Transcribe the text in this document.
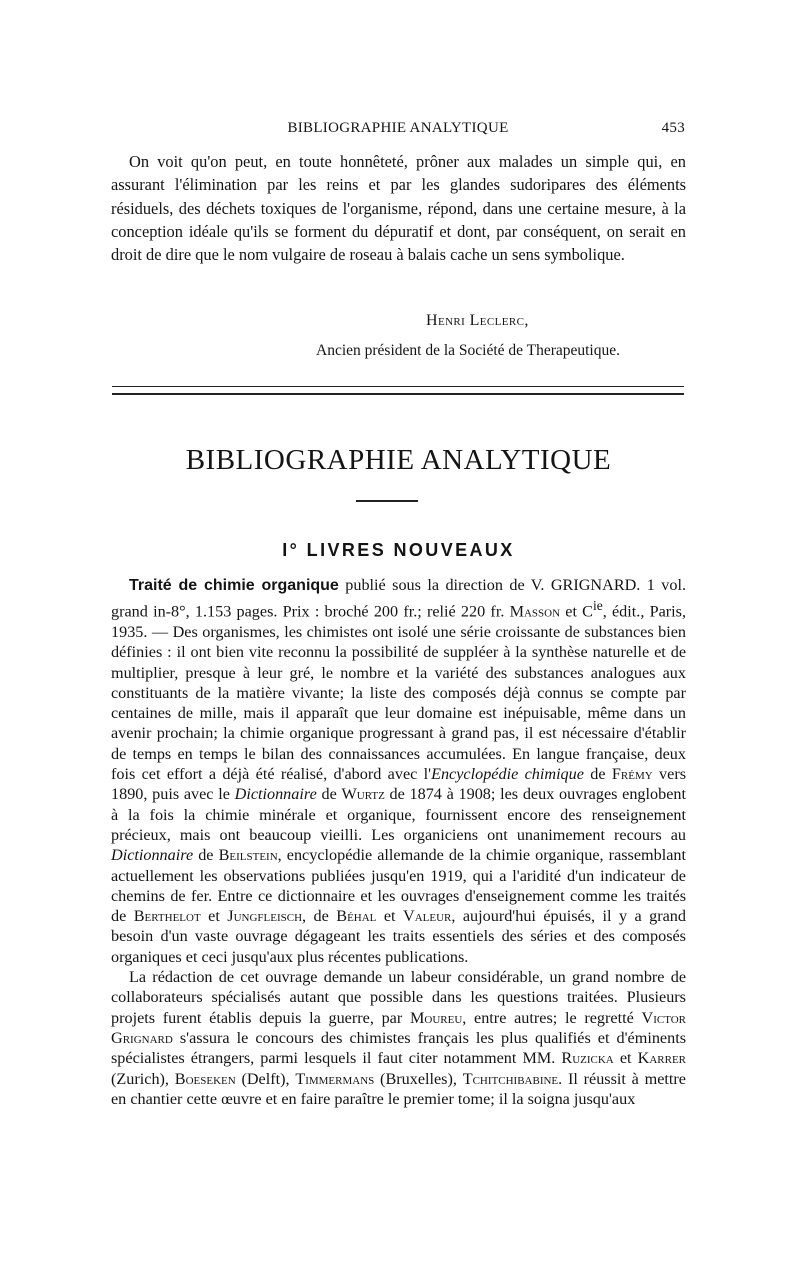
BIBLIOGRAPHIE ANALYTIQUE	453

On voit qu'on peut, en toute honnêteté, prôner aux malades un simple qui, en assurant l'élimination par les reins et par les glandes sudoripares des éléments résiduels, des déchets toxiques de l'organisme, répond, dans une certaine mesure, à la conception idéale qu'ils se forment du dépuratif et dont, par conséquent, on serait en droit de dire que le nom vulgaire de roseau à balais cache un sens symbolique.

Henri Leclerc,
Ancien président de la Société de Therapeutique.
BIBLIOGRAPHIE ANALYTIQUE
I° LIVRES NOUVEAUX

Traité de chimie organique publié sous la direction de V. GRIGNARD. 1 vol. grand in-8°, 1.153 pages. Prix : broché 200 fr.; relié 220 fr. Masson et $C^{ie}$, édit., Paris, 1935. — Des organismes, les chimistes ont isolé une série croissante de substances bien définies : il ont bien vite reconnu la possibilité de suppléer à la synthèse naturelle et de multiplier, presque à leur gré, le nombre et la variété des substances analogues aux constituants de la matière vivante; la liste des composés déjà connus se compte par centaines de mille, mais il apparaît que leur domaine est inépuisable, même dans un avenir prochain; la chimie organique progressant à grand pas, il est nécessaire d'établir de temps en temps le bilan des connaissances accumulées. En langue française, deux fois cet effort a déjà été réalisé, d'abord avec l'Encyclopédie chimique de Frémy vers 1890, puis avec le Dictionnaire de Wurtz de 1874 à 1908; les deux ouvrages englobent à la fois la chimie minérale et organique, fournissent encore des renseignement précieux, mais ont beaucoup vieilli. Les organiciens ont unanimement recours au Dictionnaire de Beilstein, encyclopédie allemande de la chimie organique, rassemblant actuellement les observations publiées jusqu'en 1919, qui a l'aridité d'un indicateur de chemins de fer. Entre ce dictionnaire et les ouvrages d'enseignement comme les traités de Berthelot et Jungfleisch, de Béhal et Valeur, aujourd'hui épuisés, il y a grand besoin d'un vaste ouvrage dégageant les traits essentiels des séries et des composés organiques et ceci jusqu'aux plus récentes publications.

La rédaction de cet ouvrage demande un labeur considérable, un grand nombre de collaborateurs spécialisés autant que possible dans les questions traitées. Plusieurs projets furent établis depuis la guerre, par Moureu, entre autres; le regretté Victor Grignard s'assura le concours des chimistes français les plus qualifiés et d'éminents spécialistes étrangers, parmi lesquels il faut citer notamment MM. Ruzicka et Karrer (Zurich), Boeseken (Delft), Timmermans (Bruxelles), Tchitchibabine. Il réussit à mettre en chantier cette œuvre et en faire paraître le premier tome; il la soigna jusqu'aux
